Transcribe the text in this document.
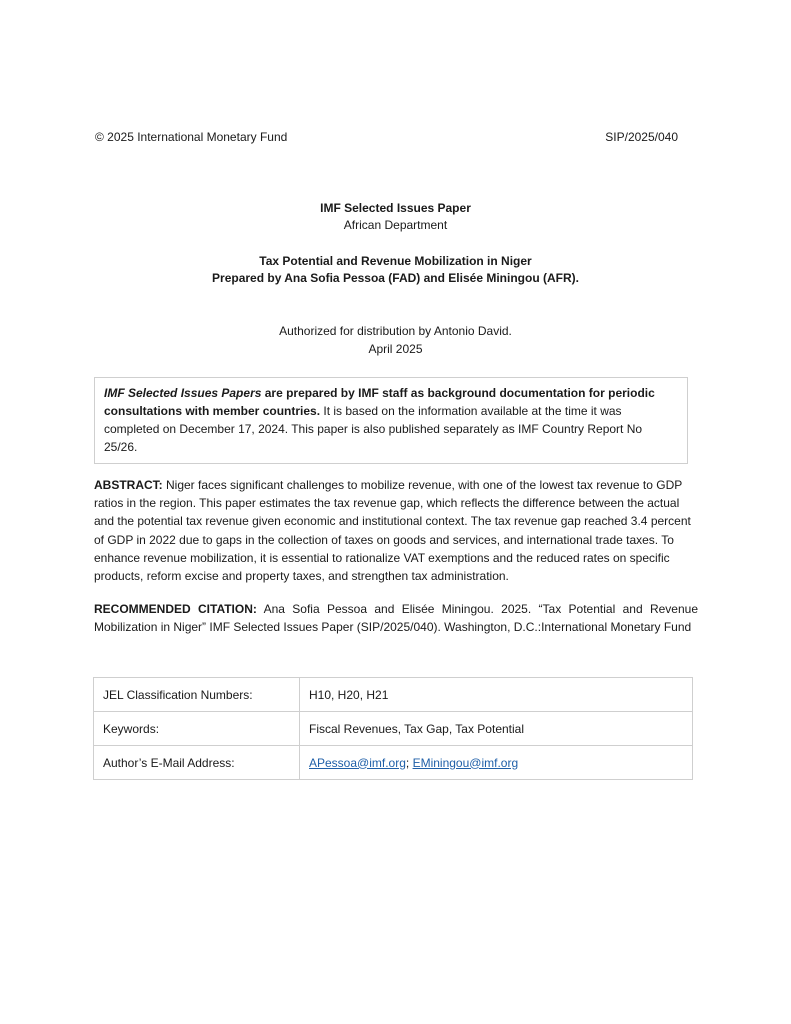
© 2025 International Monetary Fund	SIP/2025/040
IMF Selected Issues Paper
African Department
Tax Potential and Revenue Mobilization in Niger
Prepared by Ana Sofia Pessoa (FAD) and Elisée Miningou (AFR).
Authorized for distribution by Antonio David.
April 2025
IMF Selected Issues Papers are prepared by IMF staff as background documentation for periodic consultations with member countries. It is based on the information available at the time it was completed on December 17, 2024. This paper is also published separately as IMF Country Report No 25/26.
ABSTRACT: Niger faces significant challenges to mobilize revenue, with one of the lowest tax revenue to GDP ratios in the region. This paper estimates the tax revenue gap, which reflects the difference between the actual and the potential tax revenue given economic and institutional context. The tax revenue gap reached 3.4 percent of GDP in 2022 due to gaps in the collection of taxes on goods and services, and international trade taxes. To enhance revenue mobilization, it is essential to rationalize VAT exemptions and the reduced rates on specific products, reform excise and property taxes, and strengthen tax administration.
RECOMMENDED CITATION: Ana Sofia Pessoa and Elisée Miningou. 2025. “Tax Potential and Revenue Mobilization in Niger” IMF Selected Issues Paper (SIP/2025/040). Washington, D.C.:International Monetary Fund
JEL Classification Numbers:	H10, H20, H21
Keywords:	Fiscal Revenues, Tax Gap, Tax Potential
Author’s E-Mail Address:	APessoa@imf.org; EMiningou@imf.org
